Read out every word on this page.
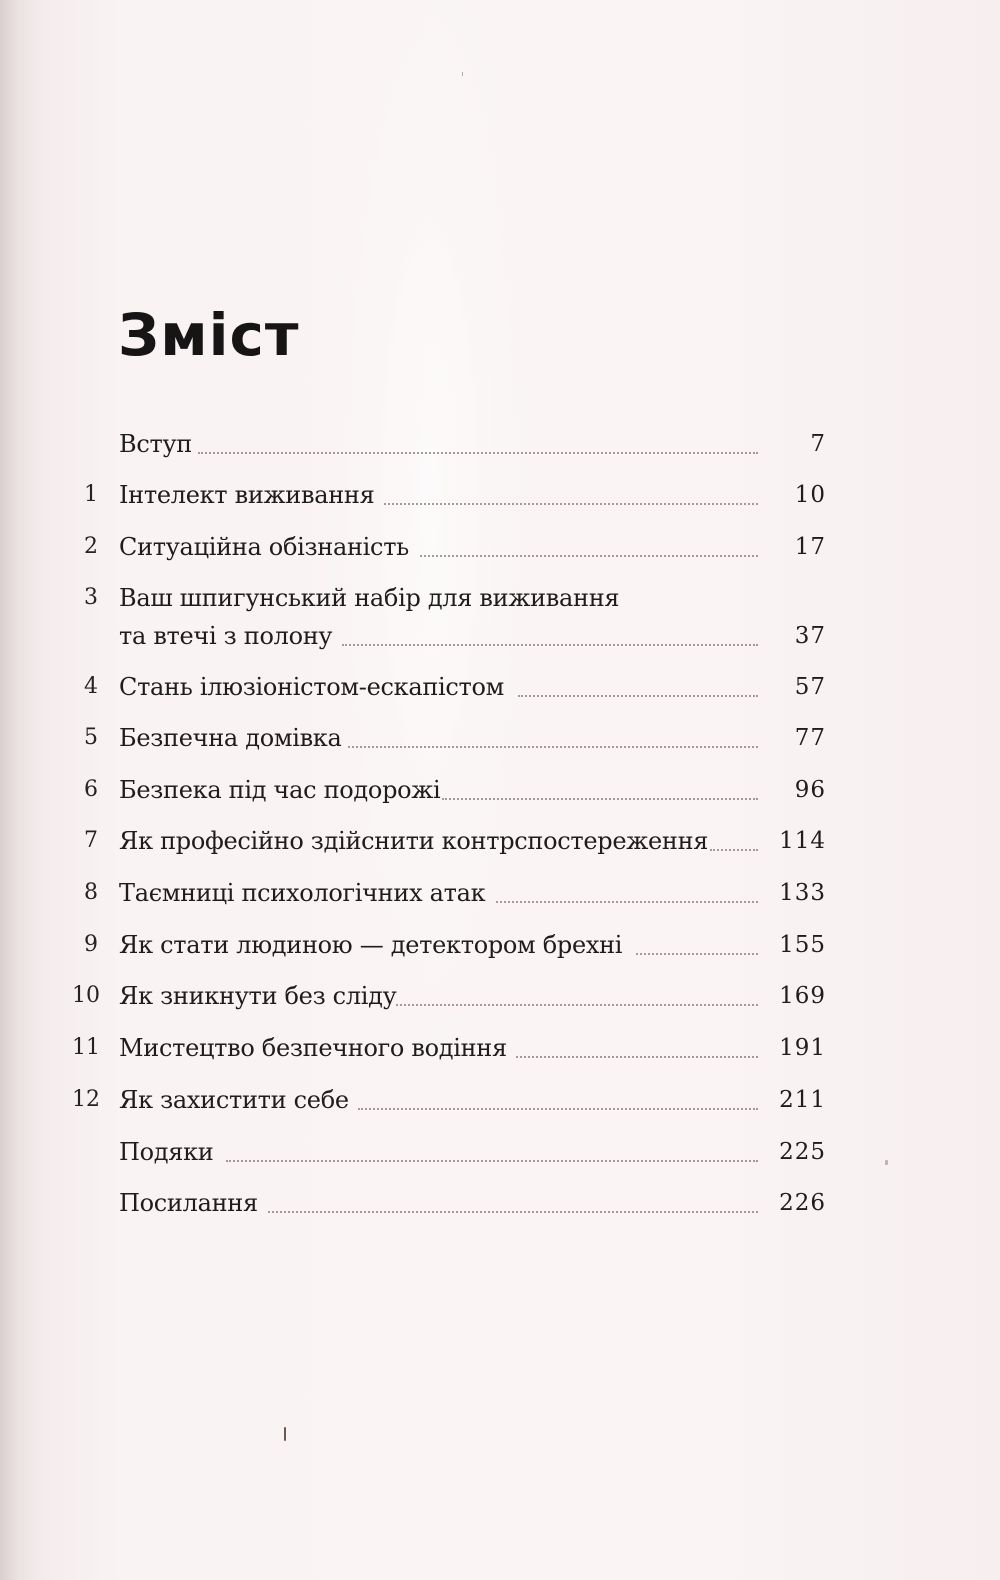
Зміст
Вступ	7
1 Інтелект виживання	10
2 Ситуаційна обізнаність	17
3 Ваш шпигунський набір для виживання
та втечі з полону	37
4 Стань ілюзіоністом-ескапістом	57
5 Безпечна домівка	77
6 Безпека під час подорожі	96
7 Як професійно здійснити контрспостереження	114
8 Таємниці психологічних атак	133
9 Як стати людиною — детектором брехні	155
10 Як зникнути без сліду	169
11 Мистецтво безпечного водіння	191
12 Як захистити себе	211
Подяки	225
Посилання	226
